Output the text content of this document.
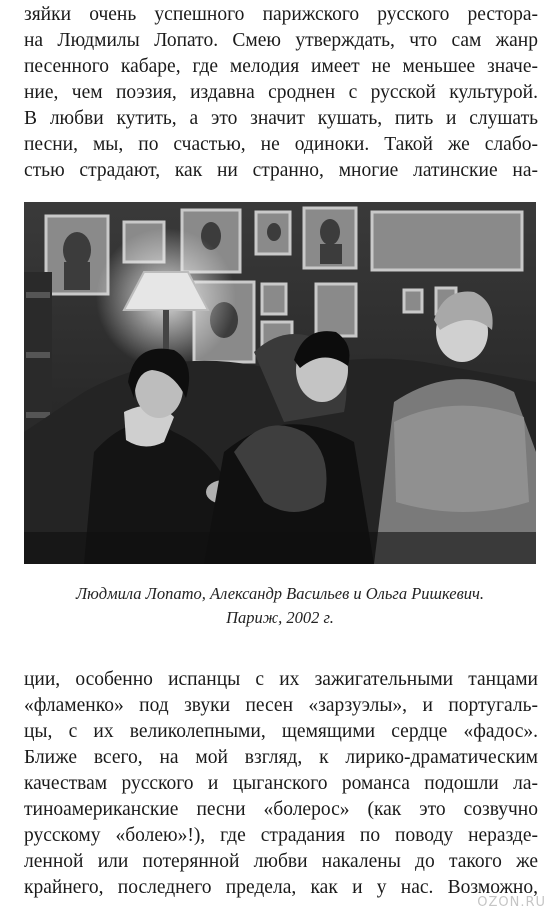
зяйки очень успешного парижского русского рестора-
на Людмилы Лопато. Смею утверждать, что сам жанр
песенного кабаре, где мелодия имеет не меньшее значе-
ние, чем поэзия, издавна сроднен с русской культурой.
В любви кутить, а это значит кушать, пить и слушать
песни, мы, по счастью, не одиноки. Такой же слабо-
стью страдают, как ни странно, многие латинские на-
Людмила Лопато, Александр Васильев и Ольга Ришкевич.
Париж, 2002 г.
ции, особенно испанцы с их зажигательными танцами
«фламенко» под звуки песен «зарзуэлы», и португаль-
цы, с их великолепными, щемящими сердце «фадос».
Ближе всего, на мой взгляд, к лирико-драматическим
качествам русского и цыганского романса подошли ла-
тиноамериканские песни «болерос» (как это созвучно
русскому «болею»!), где страдания по поводу неразде-
ленной или потерянной любви накалены до такого же
крайнего, последнего предела, как и у нас. Возможно,
OZON.RU
